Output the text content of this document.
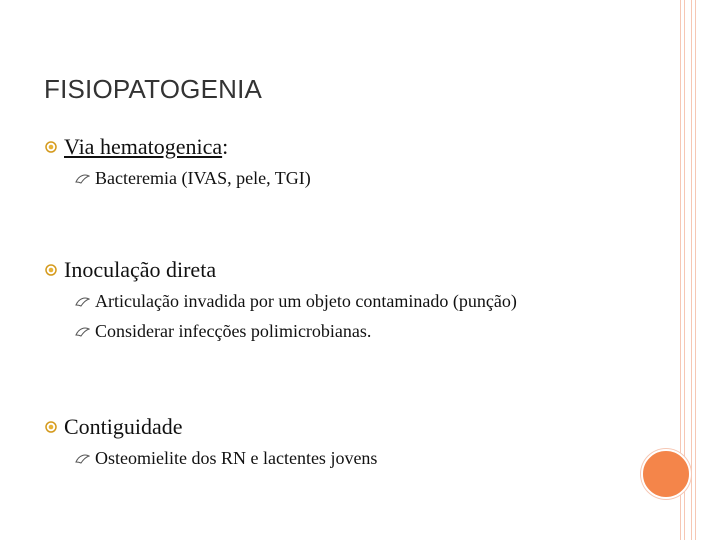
FISIOPATOGENIA
Via hematogenica:
Bacteremia (IVAS, pele, TGI)
Inoculação direta
Articulação invadida por um objeto contaminado (punção)
Considerar infecções polimicrobianas.
Contiguidade
Osteomielite dos RN e lactentes jovens
